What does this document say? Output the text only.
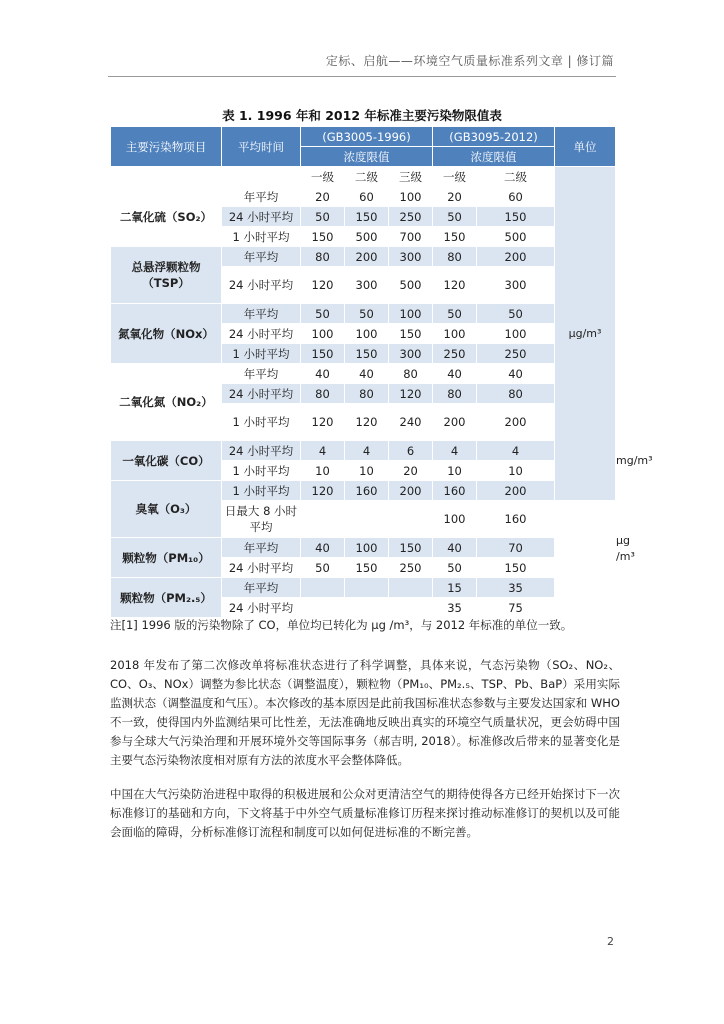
定标、启航——环境空气质量标准系列文章 | 修订篇
表 1. 1996 年和 2012 年标准主要污染物限值表
主要污染物项目	平均时间	(GB3005-1996)			(GB3095-2012)		单位	
		浓度限值			浓度限值			
		一级	二级	三级	一级	二级	μg/m³	
二氧化硫（SO₂）	年平均	20	60	100	20	60		
	24 小时平均	50	150	250	50	150		
	1 小时平均	150	500	700	150	500		
总悬浮颗粒物（TSP）	年平均	80	200	300	80	200		
	24 小时平均	120	300	500	120	300		
氮氧化物（NOx）	年平均	50	50	100	50	50		
	24 小时平均	100	100	150	100	100		
	1 小时平均	150	150	300	250	250		
二氧化氮（NO₂）	年平均	40	40	80	40	40		
	24 小时平均	80	80	120	80	80		
	1 小时平均	120	120	240	200	200		
一氧化碳（CO）	24 小时平均	4	4	6	4	4		mg/m³
	1 小时平均	10	10	20	10	10		
臭氧（O₃）	1 小时平均	120	160	200	160	200		μg /m³
	日最大 8 小时平均				100	160		
颗粒物（PM₁₀）	年平均	40	100	150	40	70		
	24 小时平均	50	150	250	50	150		
颗粒物（PM₂.₅）	年平均				15	35		
	24 小时平均				35	75		
注[1] 1996 版的污染物除了 CO，单位均已转化为 μg /m³，与 2012 年标准的单位一致。
2018 年发布了第二次修改单将标准状态进行了科学调整，具体来说，气态污染物（SO₂、NO₂、CO、O₃、NOx）调整为参比状态（调整温度），颗粒物（PM₁₀、PM₂.₅、TSP、Pb、BaP）采用实际监测状态（调整温度和气压）。本次修改的基本原因是此前我国标准状态参数与主要发达国家和 WHO 不一致，使得国内外监测结果可比性差，无法准确地反映出真实的环境空气质量状况，更会妨碍中国参与全球大气污染治理和开展环境外交等国际事务（郝吉明, 2018）。标准修改后带来的显著变化是主要气态污染物浓度相对原有方法的浓度水平会整体降低。
中国在大气污染防治进程中取得的积极进展和公众对更清洁空气的期待使得各方已经开始探讨下一次标准修订的基础和方向，下文将基于中外空气质量标准修订历程来探讨推动标准修订的契机以及可能会面临的障碍，分析标准修订流程和制度可以如何促进标准的不断完善。
2
